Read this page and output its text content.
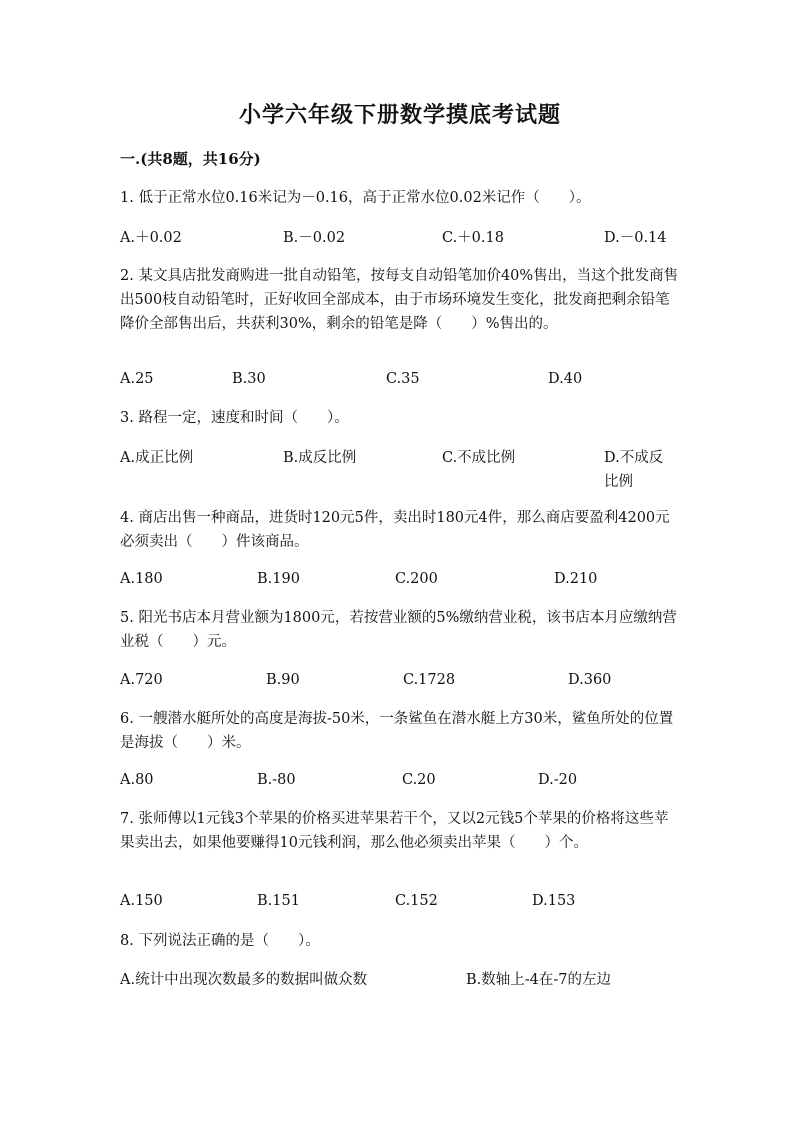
小学六年级下册数学摸底考试题
一.(共8题，共16分)
1. 低于正常水位0.16米记为－0.16，高于正常水位0.02米记作（　　）。
A.＋0.02	B.－0.02	C.＋0.18	D.－0.14
2. 某文具店批发商购进一批自动铅笔，按每支自动铅笔加价40%售出，当这个批发商售出500枝自动铅笔时，正好收回全部成本，由于市场环境发生变化，批发商把剩余铅笔降价全部售出后，共获利30%，剩余的铅笔是降（　　）%售出的。
A.25	B.30	C.35	D.40
3. 路程一定，速度和时间（　　）。
A.成正比例	B.成反比例	C.不成比例	D.不成反比例
4. 商店出售一种商品，进货时120元5件，卖出时180元4件，那么商店要盈利4200元必须卖出（　　）件该商品。
A.180	B.190	C.200	D.210
5. 阳光书店本月营业额为1800元，若按营业额的5%缴纳营业税，该书店本月应缴纳营业税（　　）元。
A.720	B.90	C.1728	D.360
6. 一艘潜水艇所处的高度是海拔-50米，一条鲨鱼在潜水艇上方30米，鲨鱼所处的位置是海拔（　　）米。
A.80	B.-80	C.20	D.-20
7. 张师傅以1元钱3个苹果的价格买进苹果若干个，又以2元钱5个苹果的价格将这些苹果卖出去，如果他要赚得10元钱利润，那么他必须卖出苹果（　　）个。
A.150	B.151	C.152	D.153
8. 下列说法正确的是（　　）。
A.统计中出现次数最多的数据叫做众数	B.数轴上-4在-7的左边
